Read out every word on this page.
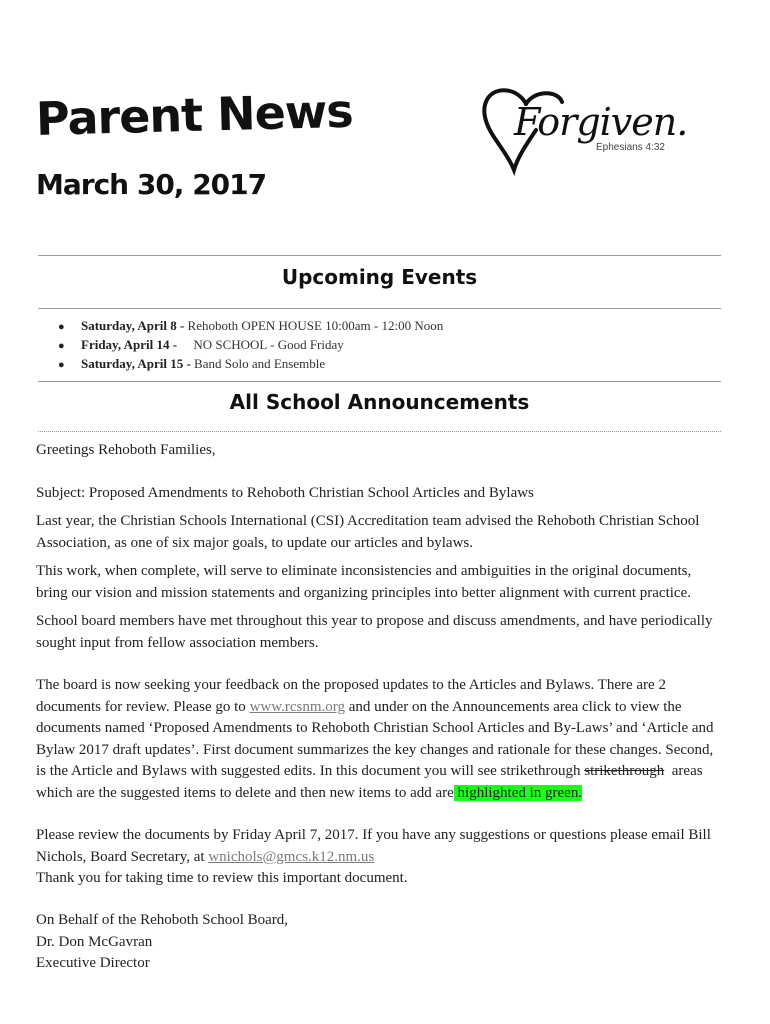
Parent News
March 30, 2017
Forgiven.
Ephesians 4:32
Upcoming Events
● Saturday, April 8 - Rehoboth OPEN HOUSE 10:00am - 12:00 Noon
● Friday, April 14 -     NO SCHOOL - Good Friday
● Saturday, April 15 - Band Solo and Ensemble
All School Announcements
Greetings Rehoboth Families,
Subject: Proposed Amendments to Rehoboth Christian School Articles and Bylaws
Last year, the Christian Schools International (CSI) Accreditation team advised the Rehoboth Christian School Association, as one of six major goals, to update our articles and bylaws.
This work, when complete, will serve to eliminate inconsistencies and ambiguities in the original documents, bring our vision and mission statements and organizing principles into better alignment with current practice.
School board members have met throughout this year to propose and discuss amendments, and have periodically sought input from fellow association members.
The board is now seeking your feedback on the proposed updates to the Articles and Bylaws. There are 2 documents for review. Please go to www.rcsnm.org and under on the Announcements area click to view the documents named ‘Proposed Amendments to Rehoboth Christian School Articles and By-Laws’ and ‘Article and Bylaw 2017 draft updates’. First document summarizes the key changes and rationale for these changes. Second, is the Article and Bylaws with suggested edits. In this document you will see strikethrough strikethrough  areas which are the suggested items to delete and then new items to add are highlighted in green.
Please review the documents by Friday April 7, 2017. If you have any suggestions or questions please email Bill Nichols, Board Secretary, at wnichols@gmcs.k12.nm.us
Thank you for taking time to review this important document.
On Behalf of the Rehoboth School Board,
Dr. Don McGavran
Executive Director
